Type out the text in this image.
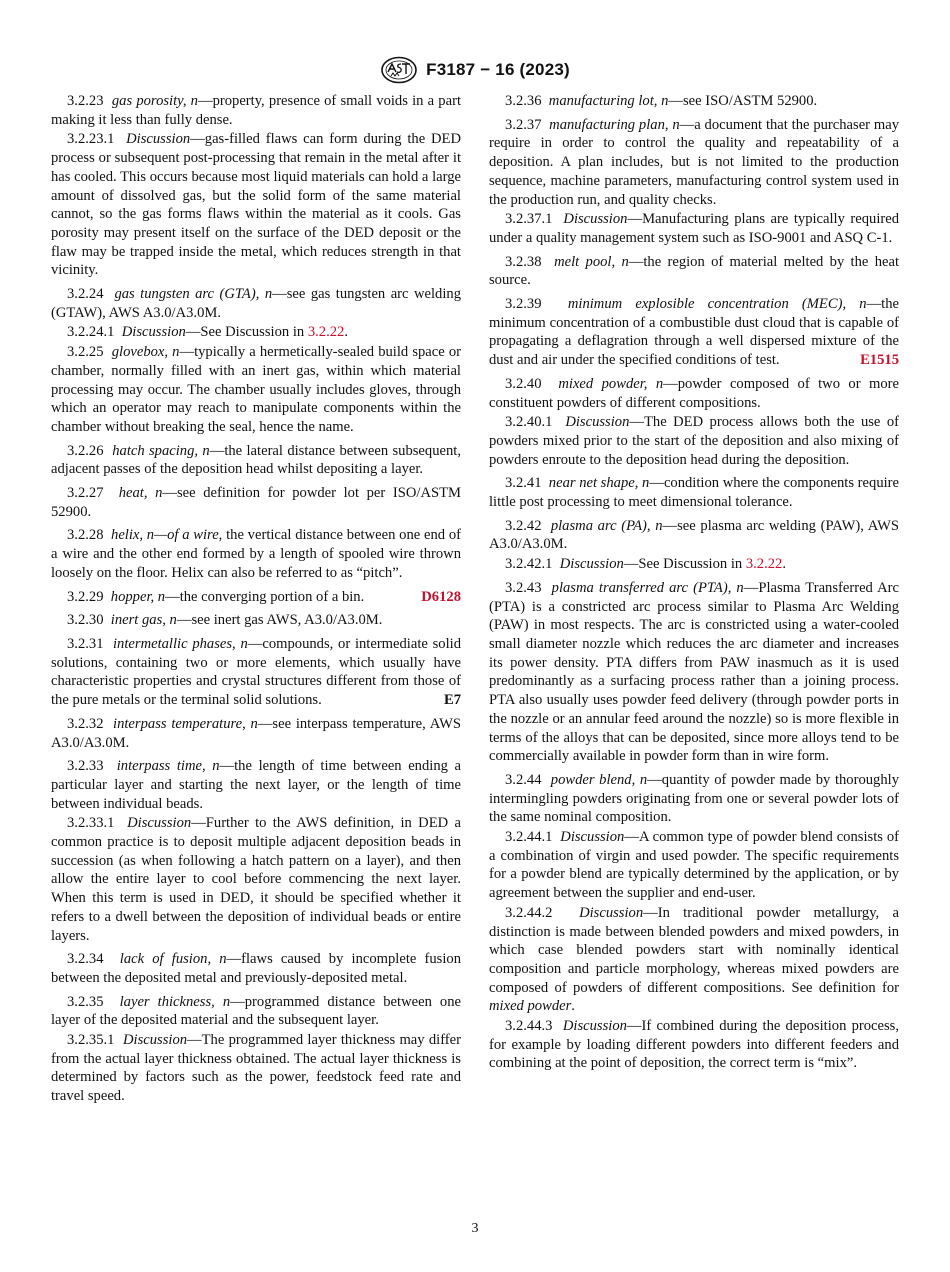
F3187 − 16 (2023)

3.2.23 gas porosity, n—property, presence of small voids in a part making it less than fully dense.

3.2.23.1 Discussion—gas-filled flaws can form during the DED process or subsequent post-processing that remain in the metal after it has cooled. This occurs because most liquid materials can hold a large amount of dissolved gas, but the solid form of the same material cannot, so the gas forms flaws within the material as it cools. Gas porosity may present itself on the surface of the DED deposit or the flaw may be trapped inside the metal, which reduces strength in that vicinity.

3.2.24 gas tungsten arc (GTA), n—see gas tungsten arc welding (GTAW), AWS A3.0/A3.0M.

3.2.24.1 Discussion—See Discussion in 3.2.22.

3.2.25 glovebox, n—typically a hermetically-sealed build space or chamber, normally filled with an inert gas, within which material processing may occur. The chamber usually includes gloves, through which an operator may reach to manipulate components within the chamber without breaking the seal, hence the name.

3.2.26 hatch spacing, n—the lateral distance between subsequent, adjacent passes of the deposition head whilst depositing a layer.

3.2.27 heat, n—see definition for powder lot per ISO/ASTM 52900.

3.2.28 helix, n—of a wire, the vertical distance between one end of a wire and the other end formed by a length of spooled wire thrown loosely on the floor. Helix can also be referred to as “pitch”.

3.2.29 hopper, n—the converging portion of a bin.	D6128

3.2.30 inert gas, n—see inert gas AWS, A3.0/A3.0M.

3.2.31 intermetallic phases, n—compounds, or intermediate solid solutions, containing two or more elements, which usually have characteristic properties and crystal structures different from those of the pure metals or the terminal solid solutions.	E7

3.2.32 interpass temperature, n—see interpass temperature, AWS A3.0/A3.0M.

3.2.33 interpass time, n—the length of time between ending a particular layer and starting the next layer, or the length of time between individual beads.

3.2.33.1 Discussion—Further to the AWS definition, in DED a common practice is to deposit multiple adjacent deposition beads in succession (as when following a hatch pattern on a layer), and then allow the entire layer to cool before commencing the next layer. When this term is used in DED, it should be specified whether it refers to a dwell between the deposition of individual beads or entire layers.

3.2.34 lack of fusion, n—flaws caused by incomplete fusion between the deposited metal and previously-deposited metal.

3.2.35 layer thickness, n—programmed distance between one layer of the deposited material and the subsequent layer.

3.2.35.1 Discussion—The programmed layer thickness may differ from the actual layer thickness obtained. The actual layer thickness is determined by factors such as the power, feedstock feed rate and travel speed.

3.2.36 manufacturing lot, n—see ISO/ASTM 52900.

3.2.37 manufacturing plan, n—a document that the purchaser may require in order to control the quality and repeatability of a deposition. A plan includes, but is not limited to the production sequence, machine parameters, manufacturing control system used in the production run, and quality checks.

3.2.37.1 Discussion—Manufacturing plans are typically required under a quality management system such as ISO-9001 and ASQ C-1.

3.2.38 melt pool, n—the region of material melted by the heat source.

3.2.39 minimum explosible concentration (MEC), n—the minimum concentration of a combustible dust cloud that is capable of propagating a deflagration through a well dispersed mixture of the dust and air under the specified conditions of test.	E1515

3.2.40 mixed powder, n—powder composed of two or more constituent powders of different compositions.

3.2.40.1 Discussion—The DED process allows both the use of powders mixed prior to the start of the deposition and also mixing of powders enroute to the deposition head during the deposition.

3.2.41 near net shape, n—condition where the components require little post processing to meet dimensional tolerance.

3.2.42 plasma arc (PA), n—see plasma arc welding (PAW), AWS A3.0/A3.0M.

3.2.42.1 Discussion—See Discussion in 3.2.22.

3.2.43 plasma transferred arc (PTA), n—Plasma Transferred Arc (PTA) is a constricted arc process similar to Plasma Arc Welding (PAW) in most respects. The arc is constricted using a water-cooled small diameter nozzle which reduces the arc diameter and increases its power density. PTA differs from PAW inasmuch as it is used predominantly as a surfacing process rather than a joining process. PTA also usually uses powder feed delivery (through powder ports in the nozzle or an annular feed around the nozzle) so is more flexible in terms of the alloys that can be deposited, since more alloys tend to be commercially available in powder form than in wire form.

3.2.44 powder blend, n—quantity of powder made by thoroughly intermingling powders originating from one or several powder lots of the same nominal composition.

3.2.44.1 Discussion—A common type of powder blend consists of a combination of virgin and used powder. The specific requirements for a powder blend are typically determined by the application, or by agreement between the supplier and end-user.

3.2.44.2 Discussion—In traditional powder metallurgy, a distinction is made between blended powders and mixed powders, in which case blended powders start with nominally identical composition and particle morphology, whereas mixed powders are composed of powders of different compositions. See definition for mixed powder.

3.2.44.3 Discussion—If combined during the deposition process, for example by loading different powders into different feeders and combining at the point of deposition, the correct term is “mix”.

3
